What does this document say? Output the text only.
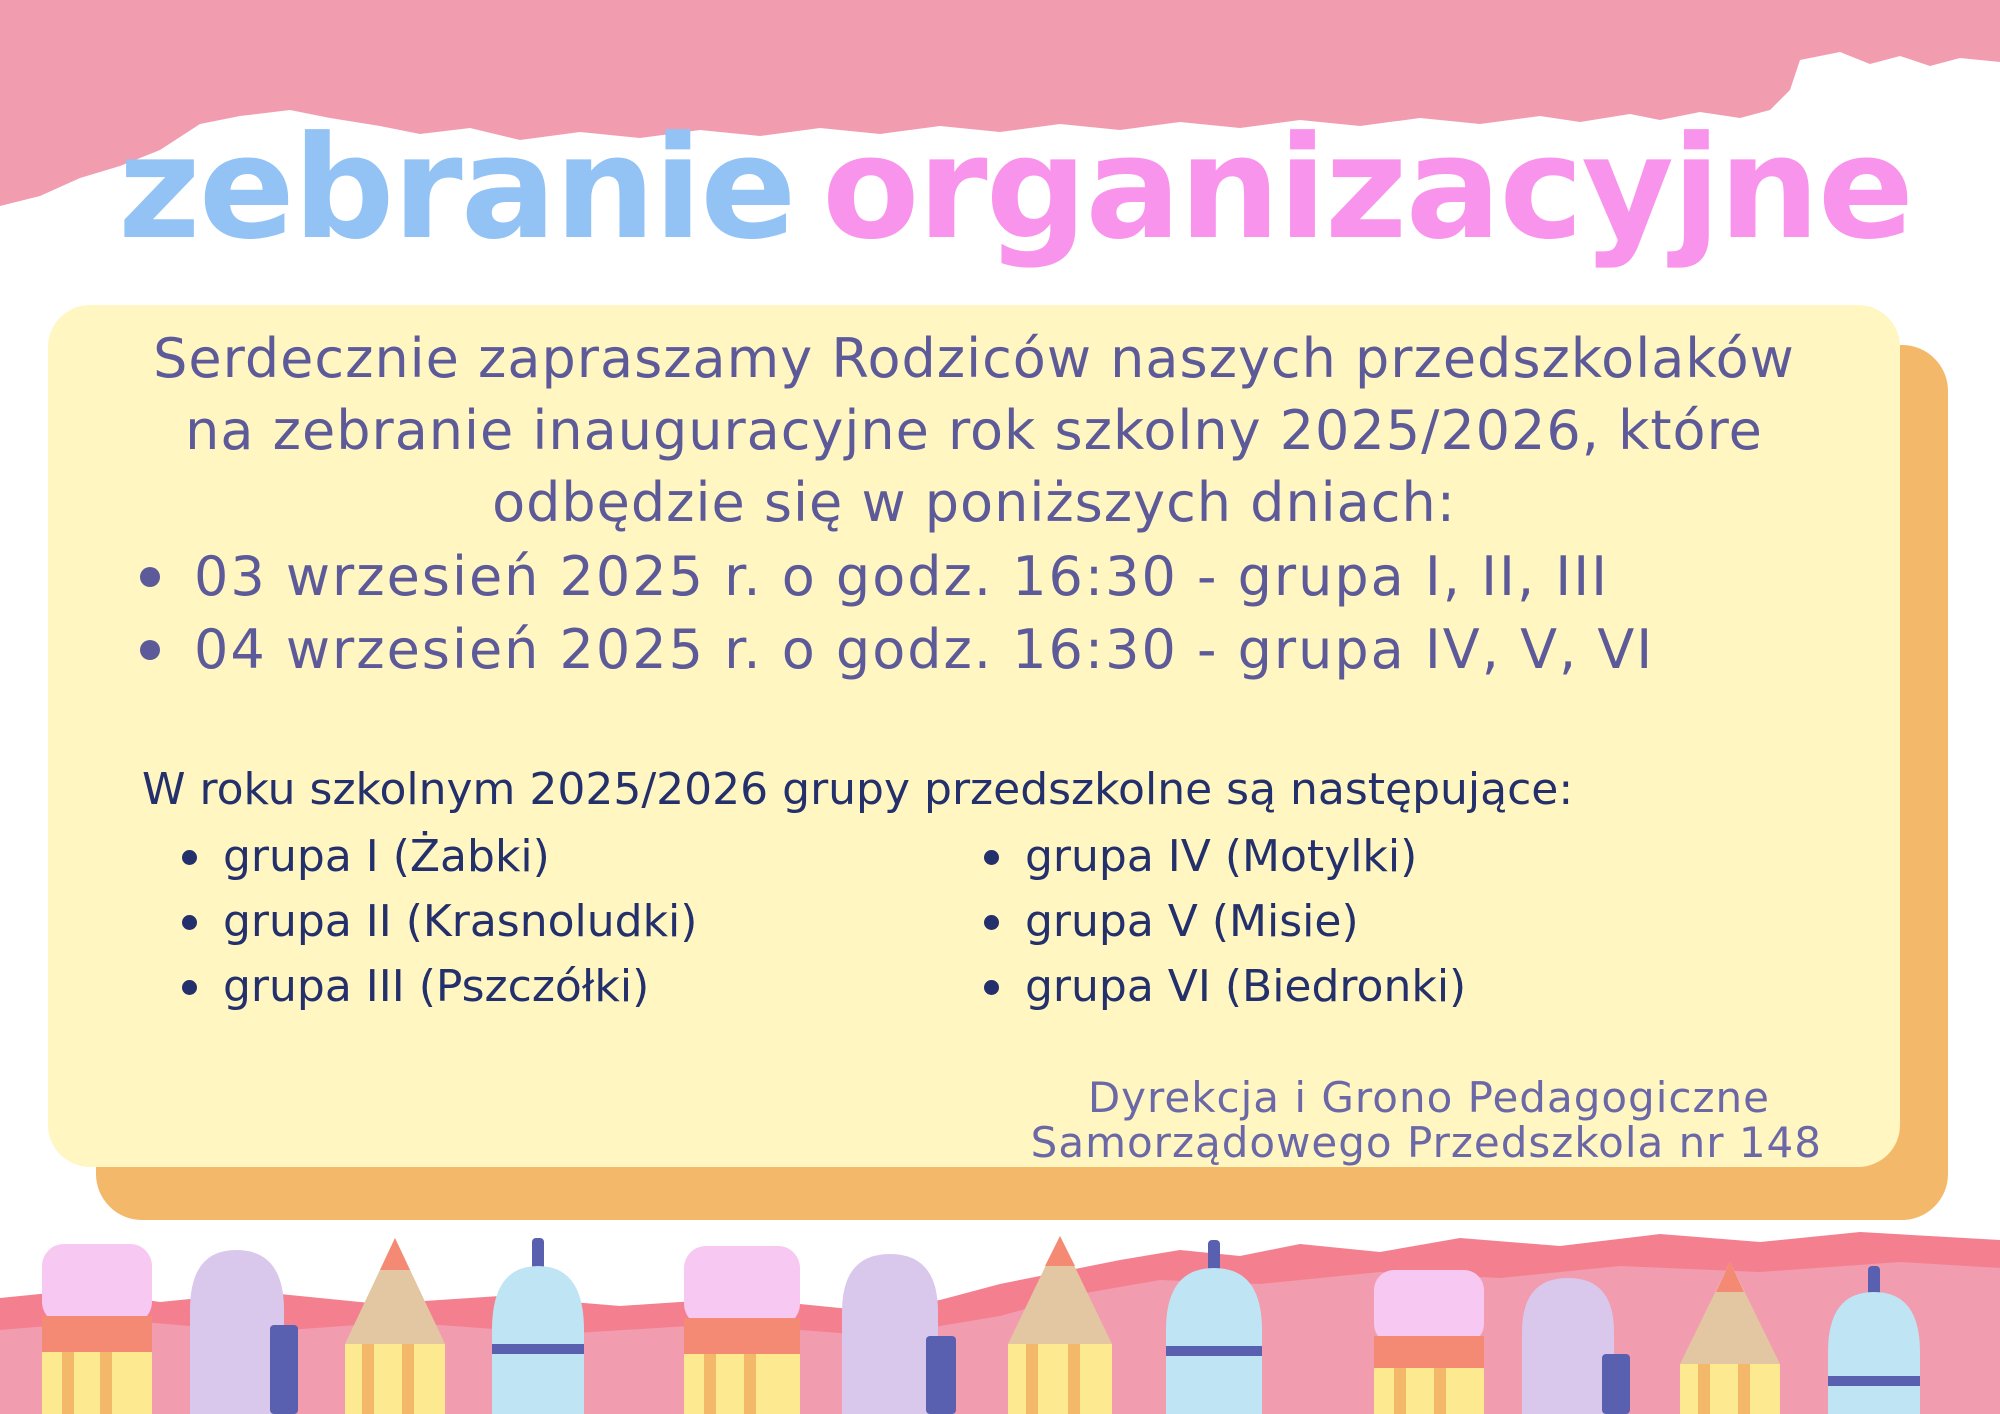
zebranie organizacyjne
Serdecznie zapraszamy Rodziców naszych przedszkolaków
na zebranie inauguracyjne rok szkolny 2025/2026, które
odbędzie się w poniższych dniach:
03 wrzesień 2025 r. o godz. 16:30 - grupa I, II, III
04 wrzesień 2025 r. o godz. 16:30 - grupa IV, V, VI
W roku szkolnym 2025/2026 grupy przedszkolne są następujące:
grupa I (Żabki)
grupa II (Krasnoludki)
grupa III (Pszczółki)
grupa IV (Motylki)
grupa V (Misie)
grupa VI (Biedronki)
Dyrekcja i Grono Pedagogiczne
Samorządowego Przedszkola nr 148
